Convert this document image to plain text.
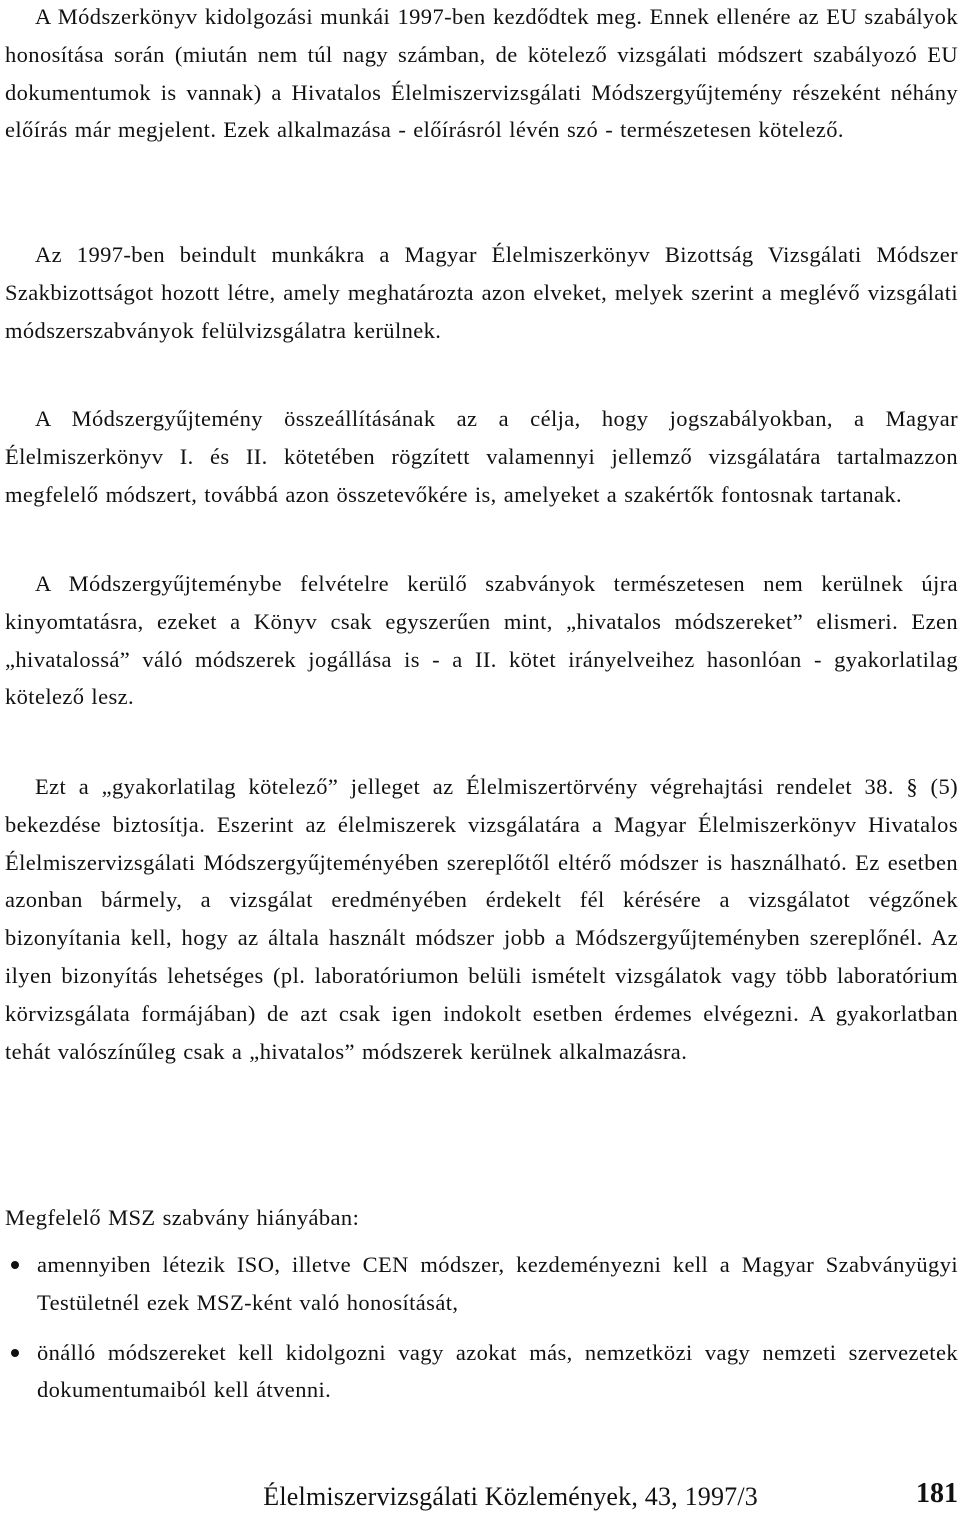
A Módszerkönyv kidolgozási munkái 1997-ben kezdődtek meg. Ennek ellenére az EU szabályok honosítása során (miután nem túl nagy számban, de kötelező vizsgálati módszert szabályozó EU dokumentumok is vannak) a Hivatalos Élelmiszervizsgálati Módszergyűjtemény részeként néhány előírás már megjelent. Ezek alkalmazása - előírásról lévén szó - természetesen kötelező.

Az 1997-ben beindult munkákra a Magyar Élelmiszerkönyv Bizottság Vizsgálati Módszer Szakbizottságot hozott létre, amely meghatározta azon elveket, melyek szerint a meglévő vizsgálati módszerszabványok felülvizsgálatra kerülnek.

A Módszergyűjtemény összeállításának az a célja, hogy jogszabályokban, a Magyar Élelmiszerkönyv I. és II. kötetében rögzített valamennyi jellemző vizsgálatára tartalmazzon megfelelő módszert, továbbá azon összetevőkére is, amelyeket a szakértők fontosnak tartanak.

A Módszergyűjteménybe felvételre kerülő szabványok természetesen nem kerülnek újra kinyomtatásra, ezeket a Könyv csak egyszerűen mint, „hivatalos módszereket” elismeri. Ezen „hivatalossá” váló módszerek jogállása is - a II. kötet irányelveihez hasonlóan - gyakorlatilag kötelező lesz.

Ezt a „gyakorlatilag kötelező” jelleget az Élelmiszertörvény végrehajtási rendelet 38. § (5) bekezdése biztosítja. Eszerint az élelmiszerek vizsgálatára a Magyar Élelmiszerkönyv Hivatalos Élelmiszervizsgálati Módszergyűjteményében szereplőtől eltérő módszer is használható. Ez esetben azonban bármely, a vizsgálat eredményében érdekelt fél kérésére a vizsgálatot végzőnek bizonyítania kell, hogy az általa használt módszer jobb a Módszergyűjteményben szereplőnél. Az ilyen bizonyítás lehetséges (pl. laboratóriumon belüli ismételt vizsgálatok vagy több laboratórium körvizsgálata formájában) de azt csak igen indokolt esetben érdemes elvégezni. A gyakorlatban tehát valószínűleg csak a „hivatalos” módszerek kerülnek alkalmazásra.

Megfelelő MSZ szabvány hiányában:

amennyiben létezik ISO, illetve CEN módszer, kezdeményezni kell a Magyar Szabványügyi Testületnél ezek MSZ-ként való honosítását,

önálló módszereket kell kidolgozni vagy azokat más, nemzetközi vagy nemzeti szervezetek dokumentumaiból kell átvenni.

Élelmiszervizsgálati Közlemények, 43, 1997/3	181
